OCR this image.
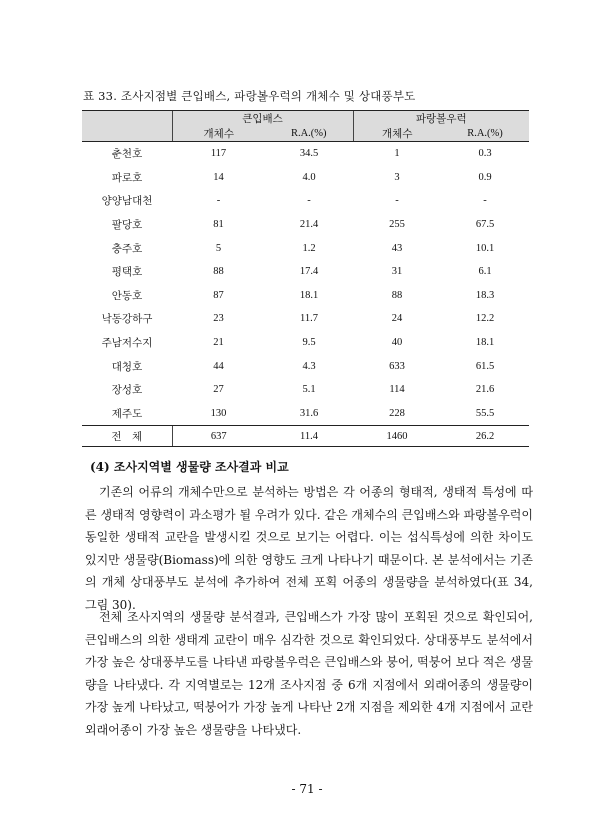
표 33. 조사지점별 큰입배스, 파랑볼우럭의 개체수 및 상대풍부도
	큰입배스		파랑볼우럭	
	개체수	R.A.(%)	개체수	R.A.(%)
춘천호	117	34.5	1	0.3
파로호	14	4.0	3	0.9
양양남대천	-	-	-	-
팔당호	81	21.4	255	67.5
충주호	5	1.2	43	10.1
평택호	88	17.4	31	6.1
안동호	87	18.1	88	18.3
낙동강하구	23	11.7	24	12.2
주남저수지	21	9.5	40	18.1
대청호	44	4.3	633	61.5
장성호	27	5.1	114	21.6
제주도	130	31.6	228	55.5
전　체	637	11.4	1460	26.2
(4) 조사지역별 생물량 조사결과 비교

기존의 어류의 개체수만으로 분석하는 방법은 각 어종의 형태적, 생태적 특성에 따른 생태적 영향력이 과소평가 될 우려가 있다. 같은 개체수의 큰입배스와 파랑볼우럭이 동일한 생태적 교란을 발생시킬 것으로 보기는 어렵다. 이는 섭식특성에 의한 차이도 있지만 생물량(Biomass)에 의한 영향도 크게 나타나기 때문이다. 본 분석에서는 기존의 개체 상대풍부도 분석에 추가하여 전체 포획 어종의 생물량을 분석하였다(표 34, 그림 30).

전체 조사지역의 생물량 분석결과, 큰입배스가 가장 많이 포획된 것으로 확인되어, 큰입배스의 의한 생태계 교란이 매우 심각한 것으로 확인되었다. 상대풍부도 분석에서 가장 높은 상대풍부도를 나타낸 파랑볼우럭은 큰입배스와 붕어, 떡붕어 보다 적은 생물량을 나타냈다. 각 지역별로는 12개 조사지점 중 6개 지점에서 외래어종의 생물량이 가장 높게 나타났고, 떡붕어가 가장 높게 나타난 2개 지점을 제외한 4개 지점에서 교란외래어종이 가장 높은 생물량을 나타냈다.

- 71 -
